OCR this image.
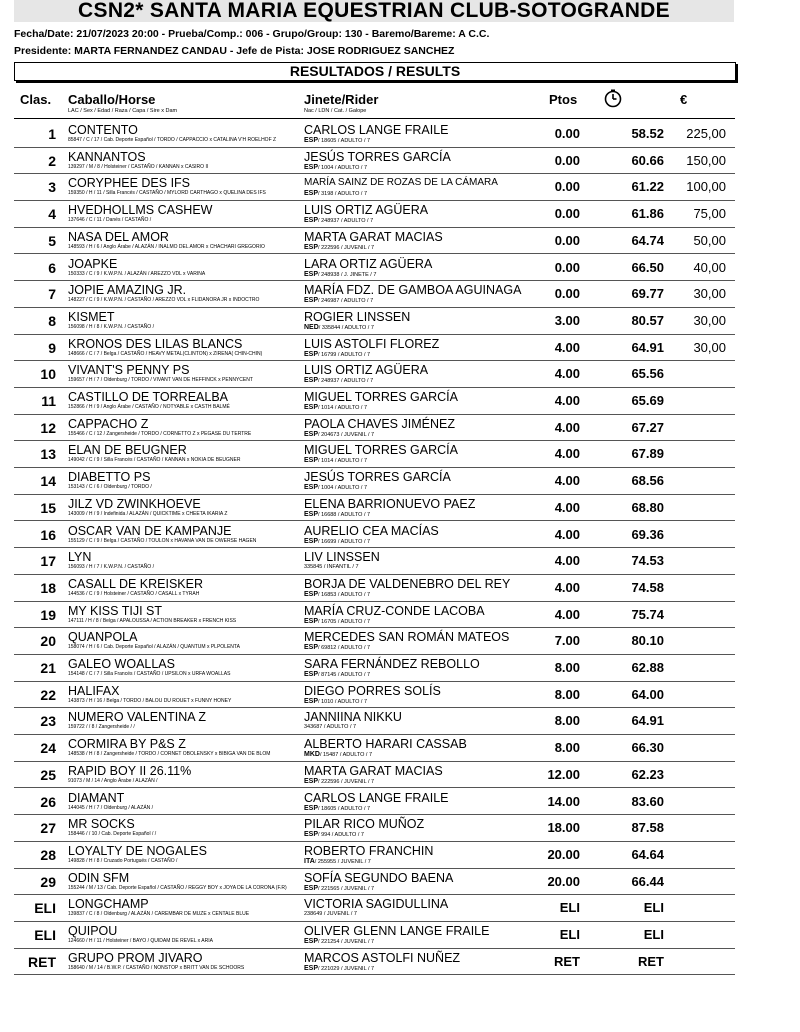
CSN2* SANTA MARIA EQUESTRIAN CLUB-SOTOGRANDE
Fecha/Date: 21/07/2023 20:00 - Prueba/Comp.: 006 - Grupo/Group: 130 - Baremo/Bareme: A C.C.
Presidente: MARTA FERNANDEZ CANDAU - Jefe de Pista: JOSE RODRIGUEZ SANCHEZ
RESULTADOS / RESULTS
Clas. Caballo/Horse
LAC / Sex / Edad / Raza / Capa / Sire x Dam
Jinete/Rider
Nac / LDN / Cat. / Galope
Ptos	€
1 CONTENTO
85847 / C / 17 / Cab. Deporte Español / TORDO / CAPPACCIO x CATALINA V'H ROELHOF Z
CARLOS LANGE FRAILE
ESP/ 18605 / ADULTO / 7	0.00	58.52	225,00
2 KANNANTOS
139297 / M / 8 / Holsteiner / CASTAÑO / KANNAN x CASIRO II
JESÚS TORRES GARCÍA
ESP/ 1004 / ADULTO / 7	0.00	60.66	150,00
3 CORYPHEE DES IFS
159350 / H / 11 / Silla Francés / CASTAÑO / MYLORD CARTHAGO x QUELINA DES IFS
MARÍA SAINZ DE ROZAS DE LA CÁMARA
ESP/ 3198 / ADULTO / 7	0.00	61.22	100,00
4 HVEDHOLLMS CASHEW
137646 / C / 11 / Danés / CASTAÑO /
LUIS ORTIZ AGÜERA
ESP/ 248937 / ADULTO / 7	0.00	61.86	75,00
5 NASA DEL AMOR
148593 / H / 6 / Anglo Árabe / ALAZÁN / INALMO DEL AMOR x CHACHARI GREGORIO
MARTA GARAT MACIAS
ESP/ 222596 / JUVENIL / 7	0.00	64.74	50,00
6 JOAPKE
150333 / C / 9 / K.W.P.N. / ALAZÁN / AREZZO VDL x VARINA
LARA ORTIZ AGÜERA
ESP/ 248938 / J. JINETE / 7	0.00	66.50	40,00
7 JOPIE AMAZING JR.
148227 / C / 9 / K.W.P.N. / CASTAÑO / AREZZO VDL x FLIDANORA JR x INDOCTRO
MARÍA FDZ. DE GAMBOA AGUINAGA
ESP/ 246987 / ADULTO / 7	0.00	69.77	30,00
8 KISMET
156098 / H / 8 / K.W.P.N. / CASTAÑO /
ROGIER LINSSEN
NED/ 335844 / ADULTO / 7	3.00	80.57	30,00
9 KRONOS DES LILAS BLANCS
148666 / C / 7 / Belga / CASTAÑO / HEAVY METAL(CLINTON) x ZIRENA( CHIN-CHIN)
LUIS ASTOLFI FLOREZ
ESP/ 16799 / ADULTO / 7	4.00	64.91	30,00
10 VIVANT'S PENNY PS
159657 / H / 7 / Oldenburg / TORDO / VIVANT VAN DE HEFFINCK x PENNYCENT
LUIS ORTIZ AGÜERA
ESP/ 248937 / ADULTO / 7	4.00	65.56
11 CASTILLO DE TORREALBA
152866 / H / 9 / Anglo Árabe / CASTAÑO / NOTYABLE x CASTH BALMÉ
MIGUEL TORRES GARCÍA
ESP/ 1014 / ADULTO / 7	4.00	65.69
12 CAPPACHO Z
155466 / C / 12 / Zangersheide / TORDO / CORNETTO Z x PEGASE DU TERTRE
PAOLA CHAVES JIMÉNEZ
ESP/ 204673 / JUVENIL / 7	4.00	67.27
13 ELAN DE BEUGNER
149042 / C / 9 / Silla Francés / CASTAÑO / KANNAN x NOKIA DE BEUGNER
MIGUEL TORRES GARCÍA
ESP/ 1014 / ADULTO / 7	4.00	67.89
14 DIABETTO PS
153143 / C / 6 / Oldenburg / TORDO /
JESÚS TORRES GARCÍA
ESP/ 1004 / ADULTO / 7	4.00	68.56
15 JILZ VD ZWINKHOEVE
143009 / H / 9 / Indefinida / ALAZÁN / QUICKTIME x CHEETA IKARIA Z
ELENA BARRIONUEVO PAEZ
ESP/ 16688 / ADULTO / 7	4.00	68.80
16 OSCAR VAN DE KAMPANJE
155129 / C / 9 / Belga / CASTAÑO / TOULON x HAVANA VAN DE OWERSE HAGEN
AURELIO CEA MACÍAS
ESP/ 16699 / ADULTO / 7	4.00	69.36
17 LYN
156093 / H / 7 / K.W.P.N. / CASTAÑO /
LIV LINSSEN
335845 / INFANTIL / 7	4.00	74.53
18 CASALL DE KREISKER
144536 / C / 9 / Holsteiner / CASTAÑO / CASALL x TYRAH
BORJA DE VALDENEBRO DEL REY
ESP/ 16853 / ADULTO / 7	4.00	74.58
19 MY KISS TIJI ST
147111 / H / 8 / Belga / APALOUSSA / ACTION BREAKER x FRENCH KISS
MARÍA CRUZ-CONDE LACOBA
ESP/ 16705 / ADULTO / 7	4.00	75.74
20 QUANPOLA
158074 / H / 6 / Cab. Deporte Español / ALAZÁN / QUANTUM x PLPOLENTA
MERCEDES SAN ROMÁN MATEOS
ESP/ 69812 / ADULTO / 7	7.00	80.10
21 GALEO WOALLAS
154148 / C / 7 / Silla Francés / CASTAÑO / UPSILON x URFA WOALLAS
SARA FERNÁNDEZ REBOLLO
ESP/ 87145 / ADULTO / 7	8.00	62.88
22 HALIFAX
143873 / H / 16 / Belga / TORDO / BALOU DU ROUET x FUNNY HONEY
DIEGO PORRES SOLÍS
ESP/ 1010 / ADULTO / 7	8.00	64.00
23 NUMERO VALENTINA Z
159722 / / 8 / Zangersheide / /
JANNIINA NIKKU
343687 / ADULTO / 7	8.00	64.91
24 CORMIRA BY P&S Z
148538 / H / 8 / Zangersheide / TORDO / CORNET OBOLENSKY x BIBIGA VAN DE BLOM
ALBERTO HARARI CASSAB
MKD/ 15487 / ADULTO / 7	8.00	66.30
25 RAPID BOY II 26.11%
91073 / M / 14 / Anglo Árabe / ALAZÁN /
MARTA GARAT MACIAS
ESP/ 222596 / JUVENIL / 7	12.00	62.23
26 DIAMANT
144045 / H / 7 / Oldenburg / ALAZÁN /
CARLOS LANGE FRAILE
ESP/ 18605 / ADULTO / 7	14.00	83.60
27 MR SOCKS
158446 / / 10 / Cab. Deporte Español / /
PILAR RICO MUÑOZ
ESP/ 994 / ADULTO / 7	18.00	87.58
28 LOYALTY DE NOGALES
149828 / H / 8 / Cruzado Portugués / CASTAÑO /
ROBERTO FRANCHIN
ITA/ 255955 / JUVENIL / 7	20.00	64.64
29 ODIN SFM
155244 / M / 13 / Cab. Deporte Español / CASTAÑO / REGGY BOY x JOYA DE LA CORONA (F.R)
SOFÍA SEGUNDO BAENA
ESP/ 221565 / JUVENIL / 7	20.00	66.44
ELI LONGCHAMP
139837 / C / 8 / Oldenburg / ALAZÁN / CAREMBAR DE MUZE x CENTALE BLUE
VICTORIA SAGIDULLINA
238649 / JUVENIL / 7	ELI	ELI
ELI QUIPOU
124660 / H / 11 / Holsteiner / BAYO / QUIDAM DE REVEL x ARIA
OLIVER GLENN LANGE FRAILE
ESP/ 221254 / JUVENIL / 7	ELI	ELI
RET GRUPO PROM JIVARO
158640 / M / 14 / B.W.P. / CASTAÑO / NONSTOP x BRITT VAN DE SCHOORS
MARCOS ASTOLFI NUÑEZ
ESP/ 221029 / JUVENIL / 7	RET	RET
